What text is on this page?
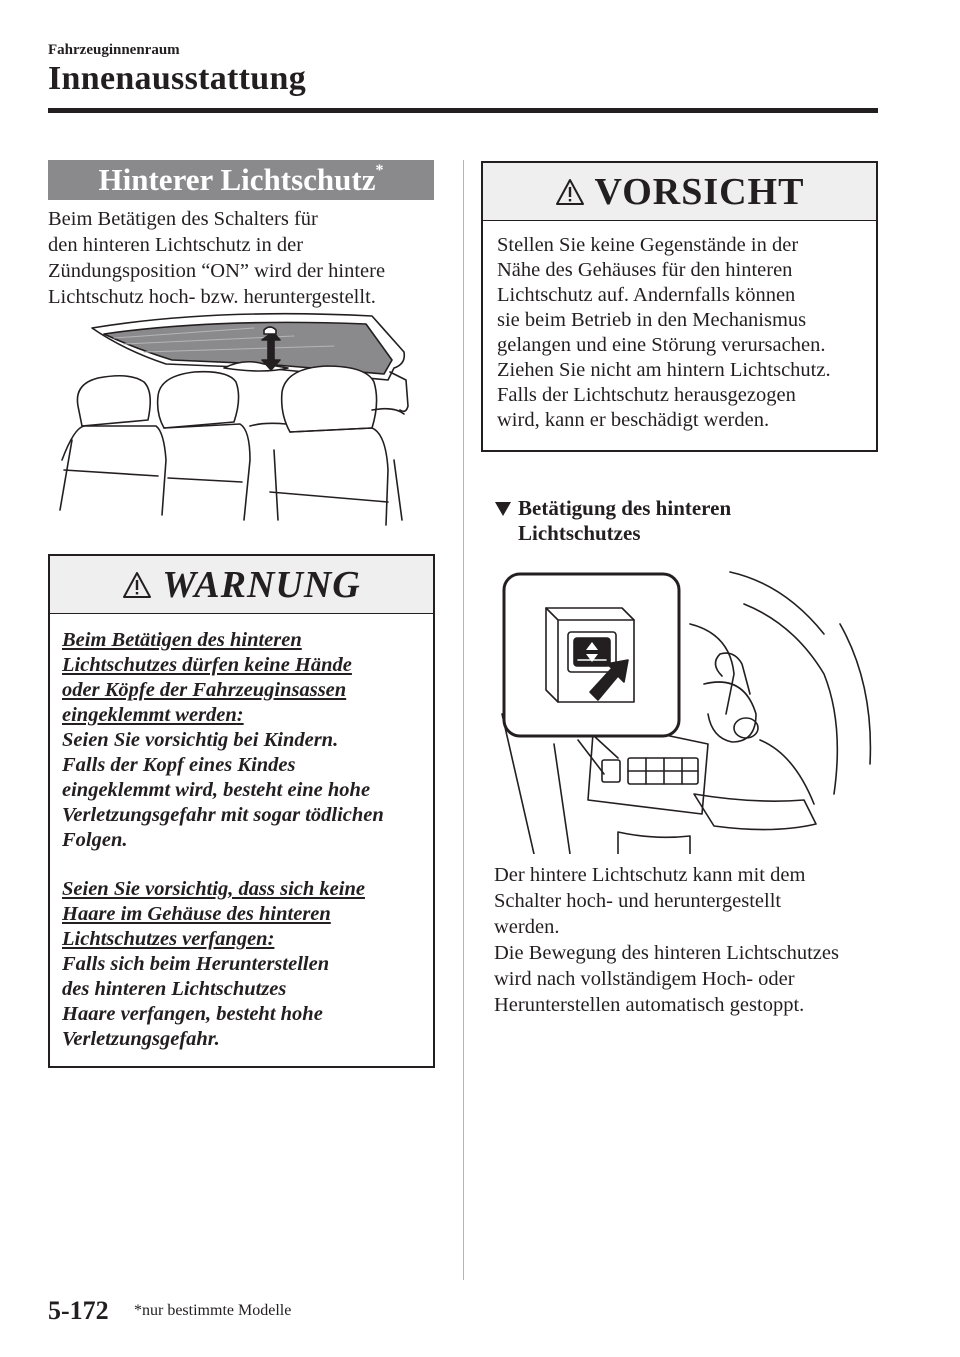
Fahrzeuginnenraum
Innenausstattung
Hinterer Lichtschutz*
Beim Betätigen des Schalters für
den hinteren Lichtschutz in der
Zündungsposition “ON” wird der hintere
Lichtschutz hoch- bzw. heruntergestellt.
WARNUNG
Beim Betätigen des hinteren
Lichtschutzes dürfen keine Hände
oder Köpfe der Fahrzeuginsassen
eingeklemmt werden:
Seien Sie vorsichtig bei Kindern.
Falls der Kopf eines Kindes
eingeklemmt wird, besteht eine hohe
Verletzungsgefahr mit sogar tödlichen
Folgen.
Seien Sie vorsichtig, dass sich keine
Haare im Gehäuse des hinteren
Lichtschutzes verfangen:
Falls sich beim Herunterstellen
des hinteren Lichtschutzes
Haare verfangen, besteht hohe
Verletzungsgefahr.
VORSICHT
Stellen Sie keine Gegenstände in der
Nähe des Gehäuses für den hinteren
Lichtschutz auf. Andernfalls können
sie beim Betrieb in den Mechanismus
gelangen und eine Störung verursachen.
Ziehen Sie nicht am hintern Lichtschutz.
Falls der Lichtschutz herausgezogen
wird, kann er beschädigt werden.
Betätigung des hinteren
Lichtschutzes
Der hintere Lichtschutz kann mit dem
Schalter hoch- und heruntergestellt
werden.
Die Bewegung des hinteren Lichtschutzes
wird nach vollständigem Hoch- oder
Herunterstellen automatisch gestoppt.
5-172 *nur bestimmte Modelle
